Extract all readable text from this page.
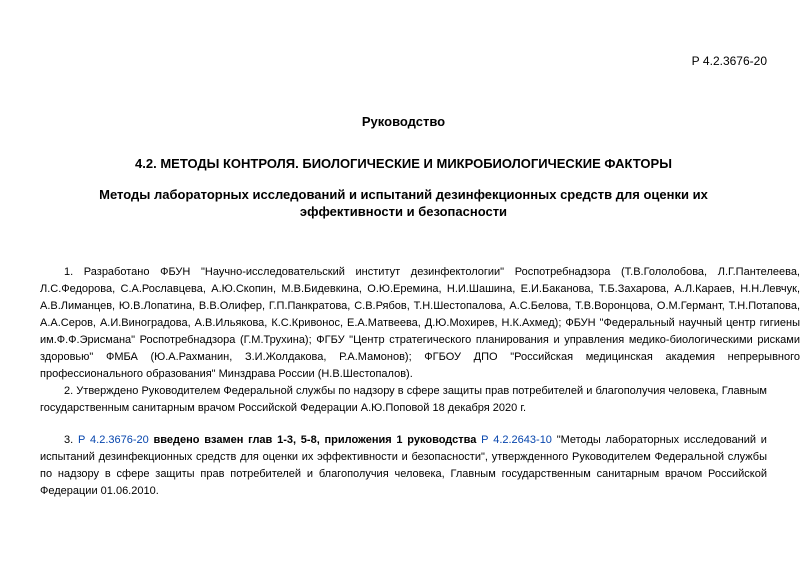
Р 4.2.3676-20
Руководство
4.2. МЕТОДЫ КОНТРОЛЯ. БИОЛОГИЧЕСКИЕ И МИКРОБИОЛОГИЧЕСКИЕ ФАКТОРЫ
Методы лабораторных исследований и испытаний дезинфекционных средств для оценки их эффективности и безопасности
1. Разработано ФБУН "Научно-исследовательский институт дезинфектологии" Роспотребнадзора (Т.В.Гололобова, Л.Г.Пантелеева, Л.С.Федорова, С.А.Рославцева, А.Ю.Скопин, М.В.Бидевкина, О.Ю.Еремина, Н.И.Шашина, Е.И.Баканова, Т.Б.Захарова, А.Л.Караев, Н.Н.Левчук, А.В.Лиманцев, Ю.В.Лопатина, В.В.Олифер, Г.П.Панкратова, С.В.Рябов, Т.Н.Шестопалова, А.С.Белова, Т.В.Воронцова, О.М.Германт, Т.Н.Потапова, А.А.Серов, А.И.Виноградова, А.В.Ильякова, К.С.Кривонос, Е.А.Матвеева, Д.Ю.Мохирев, Н.К.Ахмед); ФБУН "Федеральный научный центр гигиены им.Ф.Ф.Эрисмана" Роспотребнадзора (Г.М.Трухина); ФГБУ "Центр стратегического планирования и управления медико-биологическими рисками здоровью" ФМБА (Ю.А.Рахманин, З.И.Жолдакова, Р.А.Мамонов); ФГБОУ ДПО "Российская медицинская академия непрерывного профессионального образования" Минздрава России (Н.В.Шестопалов).
2. Утверждено Руководителем Федеральной службы по надзору в сфере защиты прав потребителей и благополучия человека, Главным государственным санитарным врачом Российской Федерации А.Ю.Поповой 18 декабря 2020 г.
3. Р 4.2.3676-20 введено взамен глав 1-3, 5-8, приложения 1 руководства Р 4.2.2643-10 "Методы лабораторных исследований и испытаний дезинфекционных средств для оценки их эффективности и безопасности", утвержденного Руководителем Федеральной службы по надзору в сфере защиты прав потребителей и благополучия человека, Главным государственным санитарным врачом Российской Федерации 01.06.2010.
